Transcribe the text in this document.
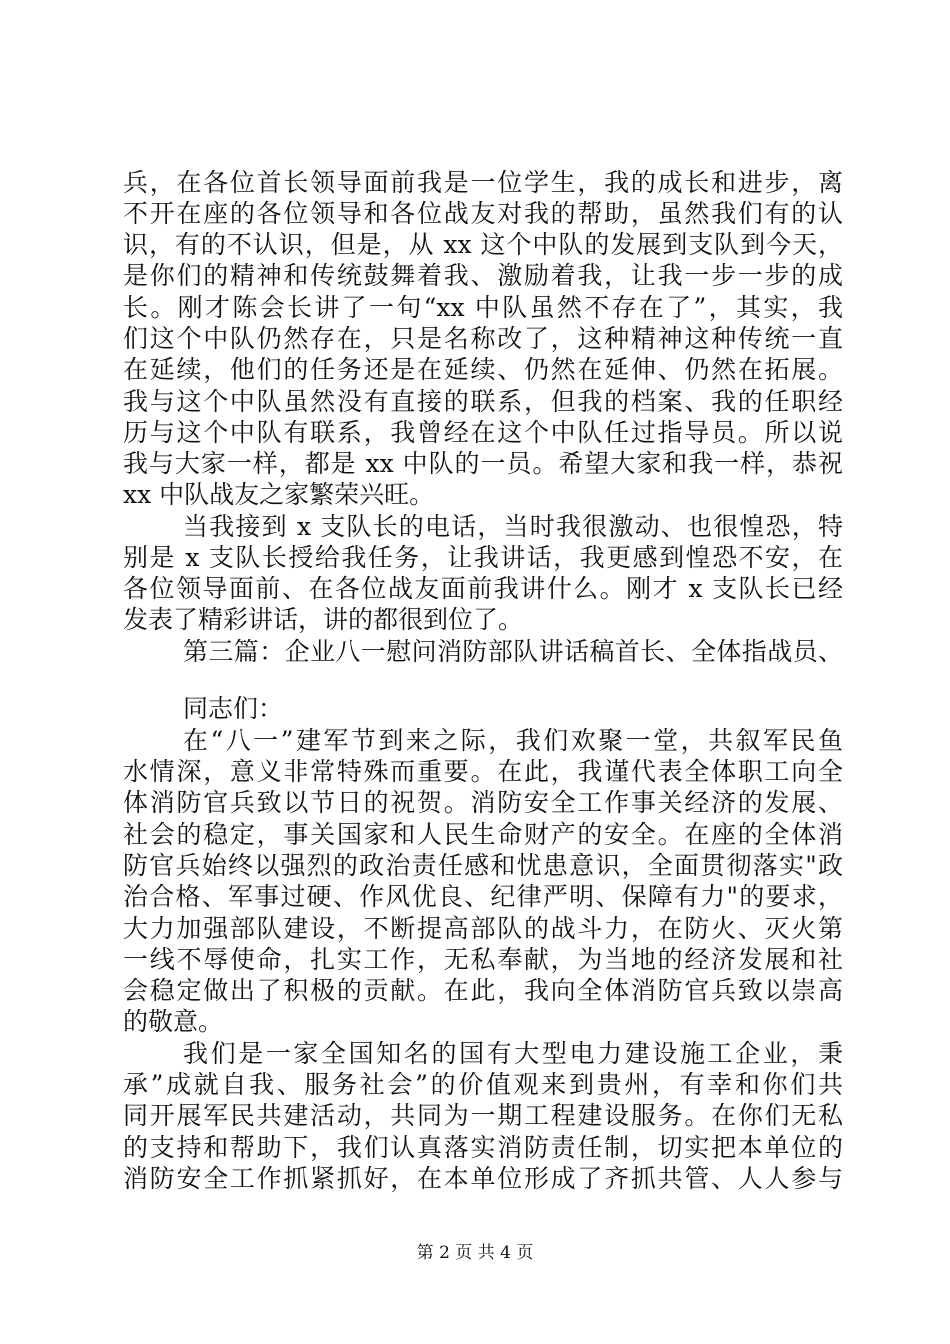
兵，在各位首长领导面前我是一位学生，我的成长和进步，离
不开在座的各位领导和各位战友对我的帮助，虽然我们有的认
识，有的不认识，但是，从 xx 这个中队的发展到支队到今天，
是你们的精神和传统鼓舞着我、激励着我，让我一步一步的成
长。刚才陈会长讲了一句“xx 中队虽然不存在了”，其实，我
们这个中队仍然存在，只是名称改了，这种精神这种传统一直
在延续，他们的任务还是在延续、仍然在延伸、仍然在拓展。
我与这个中队虽然没有直接的联系，但我的档案、我的任职经
历与这个中队有联系，我曾经在这个中队任过指导员。所以说
我与大家一样，都是 xx 中队的一员。希望大家和我一样，恭祝
xx 中队战友之家繁荣兴旺。
当我接到 x 支队长的电话，当时我很激动、也很惶恐，特
别是 x 支队长授给我任务，让我讲话，我更感到惶恐不安，在
各位领导面前、在各位战友面前我讲什么。刚才 x 支队长已经
发表了精彩讲话，讲的都很到位了。
第三篇：企业八一慰问消防部队讲话稿首长、全体指战员、
同志们：
在“八一”建军节到来之际，我们欢聚一堂，共叙军民鱼
水情深，意义非常特殊而重要。在此，我谨代表全体职工向全
体消防官兵致以节日的祝贺。消防安全工作事关经济的发展、
社会的稳定，事关国家和人民生命财产的安全。在座的全体消
防官兵始终以强烈的政治责任感和忧患意识，全面贯彻落实"政
治合格、军事过硬、作风优良、纪律严明、保障有力"的要求，
大力加强部队建设，不断提高部队的战斗力，在防火、灭火第
一线不辱使命，扎实工作，无私奉献，为当地的经济发展和社
会稳定做出了积极的贡献。在此，我向全体消防官兵致以崇高
的敬意。
我们是一家全国知名的国有大型电力建设施工企业，秉
承”成就自我、服务社会”的价值观来到贵州，有幸和你们共
同开展军民共建活动，共同为一期工程建设服务。在你们无私
的支持和帮助下，我们认真落实消防责任制，切实把本单位的
消防安全工作抓紧抓好，在本单位形成了齐抓共管、人人参与
第 2 页 共 4 页
